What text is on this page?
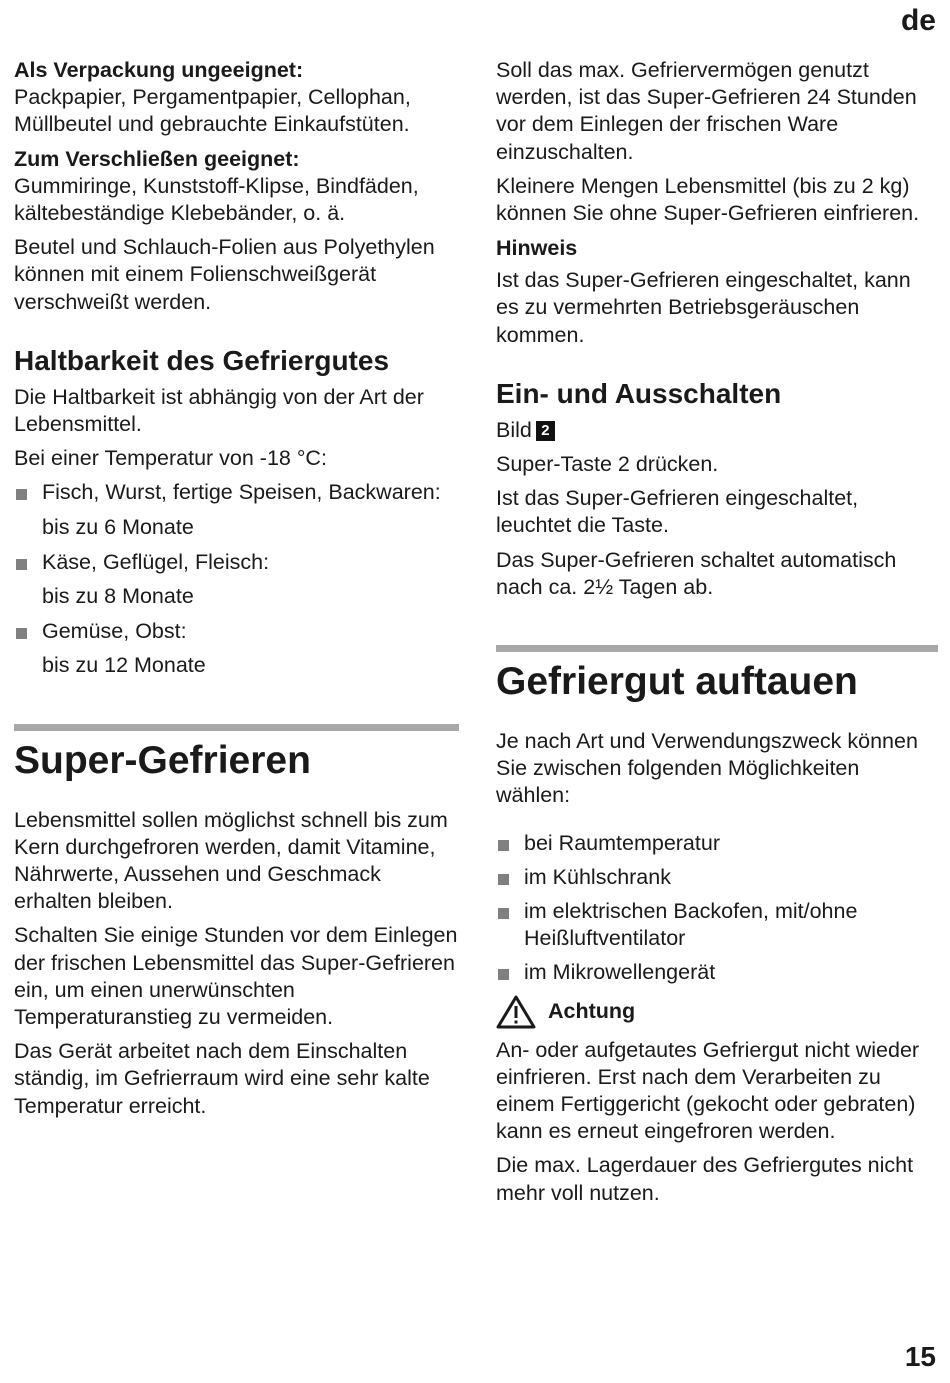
de

Als Verpackung ungeeignet:
Packpapier, Pergamentpapier, Cellophan, Müllbeutel und gebrauchte Einkaufstüten.

Zum Verschließen geeignet:
Gummiringe, Kunststoff-Klipse, Bindfäden, kältebeständige Klebebänder, o. ä.

Beutel und Schlauch-Folien aus Polyethylen können mit einem Folienschweißgerät verschweißt werden.

Haltbarkeit des Gefriergutes

Die Haltbarkeit ist abhängig von der Art der Lebensmittel.

Bei einer Temperatur von -18 °C:

Fisch, Wurst, fertige Speisen, Backwaren:

bis zu 6 Monate

Käse, Geflügel, Fleisch:

bis zu 8 Monate

Gemüse, Obst:

bis zu 12 Monate

Super-Gefrieren

Lebensmittel sollen möglichst schnell bis zum Kern durchgefroren werden, damit Vitamine, Nährwerte, Aussehen und Geschmack erhalten bleiben.

Schalten Sie einige Stunden vor dem Einlegen der frischen Lebensmittel das Super-Gefrieren ein, um einen unerwünschten Temperaturanstieg zu vermeiden.

Das Gerät arbeitet nach dem Einschalten ständig, im Gefrierraum wird eine sehr kalte Temperatur erreicht.

Soll das max. Gefriervermögen genutzt werden, ist das Super-Gefrieren 24 Stunden vor dem Einlegen der frischen Ware einzuschalten.

Kleinere Mengen Lebensmittel (bis zu 2 kg) können Sie ohne Super-Gefrieren einfrieren.

Hinweis

Ist das Super-Gefrieren eingeschaltet, kann es zu vermehrten Betriebsgeräuschen kommen.

Ein- und Ausschalten

Bild 2

Super-Taste 2 drücken.

Ist das Super-Gefrieren eingeschaltet, leuchtet die Taste.

Das Super-Gefrieren schaltet automatisch nach ca. 2½ Tagen ab.

Gefriergut auftauen

Je nach Art und Verwendungszweck können Sie zwischen folgenden Möglichkeiten wählen:

bei Raumtemperatur
im Kühlschrank
im elektrischen Backofen, mit/ohne Heißluftventilator
im Mikrowellengerät
Achtung

An- oder aufgetautes Gefriergut nicht wieder einfrieren. Erst nach dem Verarbeiten zu einem Fertiggericht (gekocht oder gebraten) kann es erneut eingefroren werden.

Die max. Lagerdauer des Gefriergutes nicht mehr voll nutzen.

15
